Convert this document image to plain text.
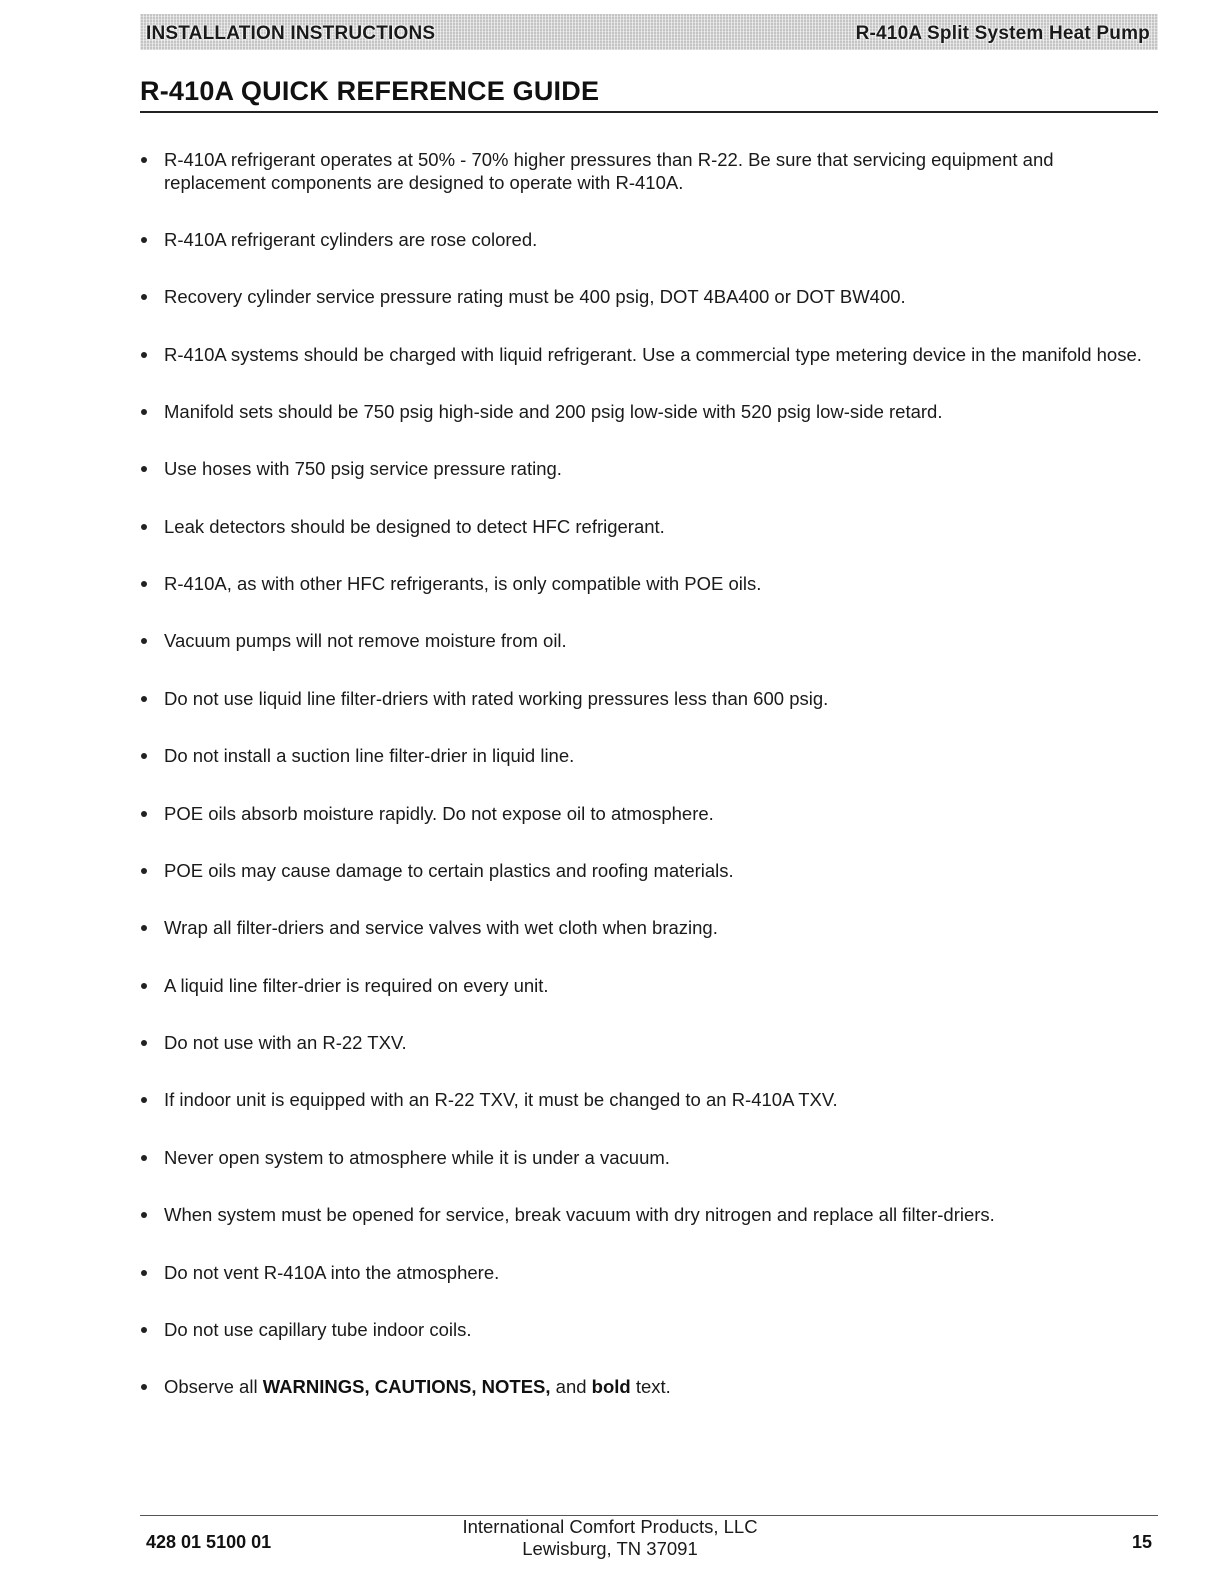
INSTALLATION INSTRUCTIONS	R-410A Split System Heat Pump
R-410A QUICK REFERENCE GUIDE
R-410A refrigerant operates at 50% - 70% higher pressures than R-22. Be sure that servicing equipment and replacement components are designed to operate with R-410A.
R-410A refrigerant cylinders are rose colored.
Recovery cylinder service pressure rating must be 400 psig, DOT 4BA400 or DOT BW400.
R-410A systems should be charged with liquid refrigerant. Use a commercial type metering device in the manifold hose.
Manifold sets should be 750 psig high-side and 200 psig low-side with 520 psig low-side retard.
Use hoses with 750 psig service pressure rating.
Leak detectors should be designed to detect HFC refrigerant.
R-410A, as with other HFC refrigerants, is only compatible with POE oils.
Vacuum pumps will not remove moisture from oil.
Do not use liquid line filter-driers with rated working pressures less than 600 psig.
Do not install a suction line filter-drier in liquid line.
POE oils absorb moisture rapidly. Do not expose oil to atmosphere.
POE oils may cause damage to certain plastics and roofing materials.
Wrap all filter-driers and service valves with wet cloth when brazing.
A liquid line filter-drier is required on every unit.
Do not use with an R-22 TXV.
If indoor unit is equipped with an R-22 TXV, it must be changed to an R-410A TXV.
Never open system to atmosphere while it is under a vacuum.
When system must be opened for service, break vacuum with dry nitrogen and replace all filter-driers.
Do not vent R-410A into the atmosphere.
Do not use capillary tube indoor coils.
Observe all WARNINGS, CAUTIONS, NOTES, and bold text.
428 01 5100 01
International Comfort Products, LLC
Lewisburg, TN 37091	15
